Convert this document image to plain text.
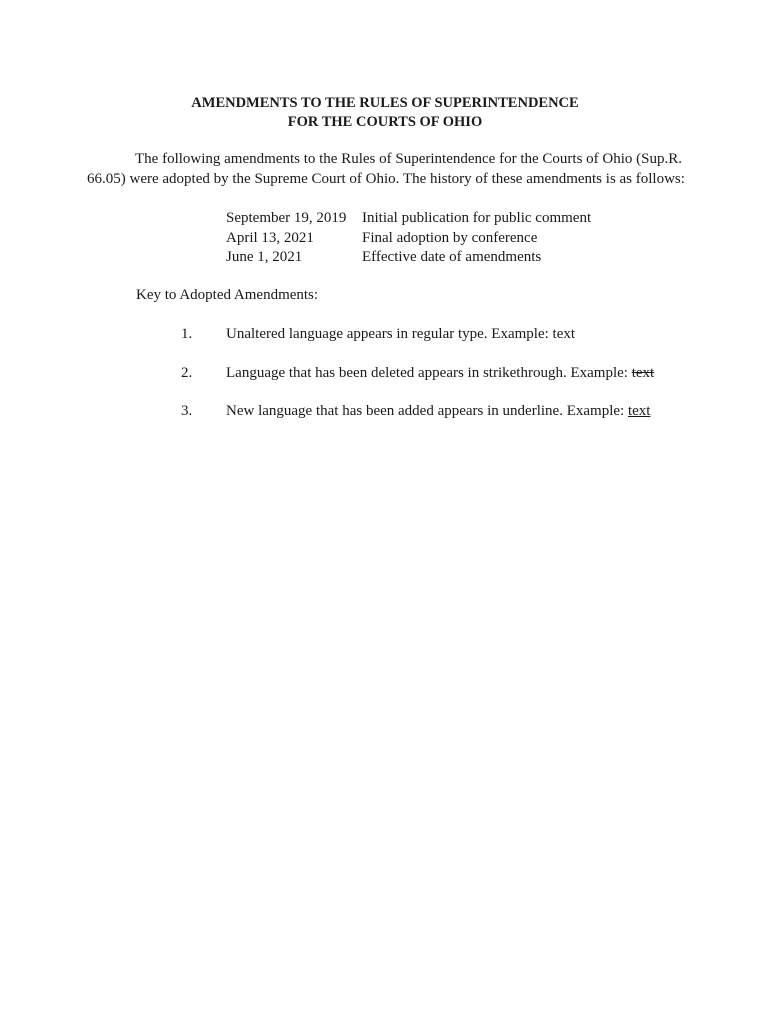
AMENDMENTS TO THE RULES OF SUPERINTENDENCE
FOR THE COURTS OF OHIO
The following amendments to the Rules of Superintendence for the Courts of Ohio (Sup.R.
66.05) were adopted by the Supreme Court of Ohio. The history of these amendments is as follows:
September 19, 2019	Initial publication for public comment
April 13, 2021	Final adoption by conference
June 1, 2021	Effective date of amendments
Key to Adopted Amendments:
1. Unaltered language appears in regular type. Example: text
2. Language that has been deleted appears in strikethrough. Example: text
3. New language that has been added appears in underline. Example: text
